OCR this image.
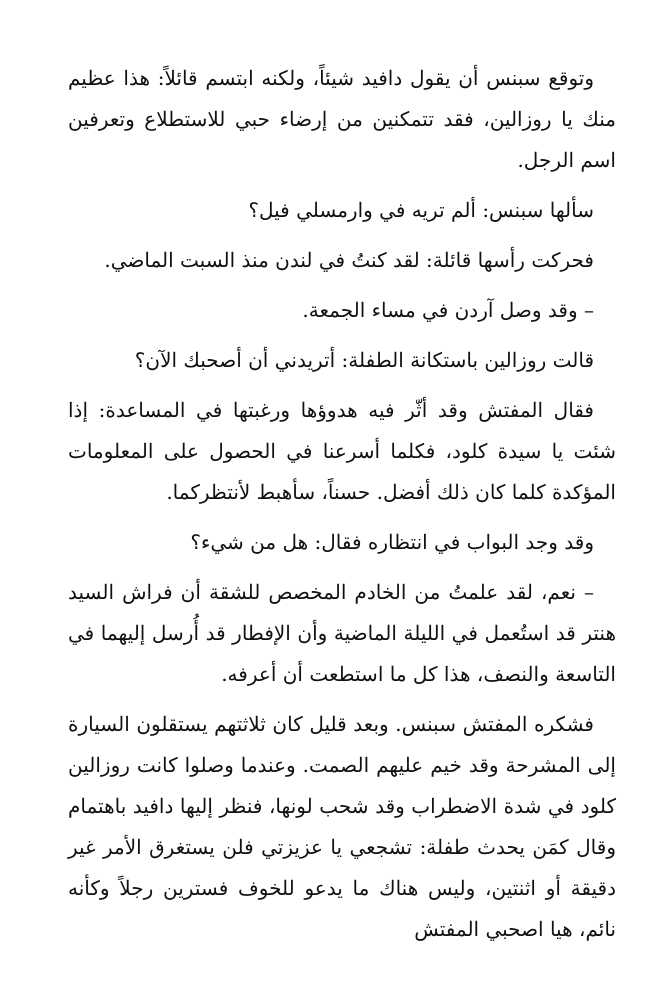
وتوقع سبنس أن يقول دافيد شيئاً، ولكنه ابتسم قائلاً: هذا عظيم منك يا روزالين، فقد تتمكنين من إرضاء حبي للاستطلاع وتعرفين اسم الرجل.

سألها سبنس: ألم تريه في وارمسلي فيل؟

فحركت رأسها قائلة: لقد كنتُ في لندن منذ السبت الماضي.

– وقد وصل آردن في مساء الجمعة.

قالت روزالين باستكانة الطفلة: أتريدني أن أصحبك الآن؟

فقال المفتش وقد أثّر فيه هدوؤها ورغبتها في المساعدة: إذا شئت يا سيدة كلود، فكلما أسرعنا في الحصول على المعلومات المؤكدة كلما كان ذلك أفضل. حسناً، سأهبط لأنتظركما.

وقد وجد البواب في انتظاره فقال: هل من شيء؟

– نعم، لقد علمتُ من الخادم المخصص للشقة أن فراش السيد هنتر قد استُعمل في الليلة الماضية وأن الإفطار قد أُرسل إليهما في التاسعة والنصف، هذا كل ما استطعت أن أعرفه.

فشكره المفتش سبنس. وبعد قليل كان ثلاثتهم يستقلون السيارة إلى المشرحة وقد خيم عليهم الصمت. وعندما وصلوا كانت روزالين كلود في شدة الاضطراب وقد شحب لونها، فنظر إليها دافيد باهتمام وقال كمَن يحدث طفلة: تشجعي يا عزيزتي فلن يستغرق الأمر غير دقيقة أو اثنتين، وليس هناك ما يدعو للخوف فسترين رجلاً وكأنه نائم، هيا اصحبي المفتش
